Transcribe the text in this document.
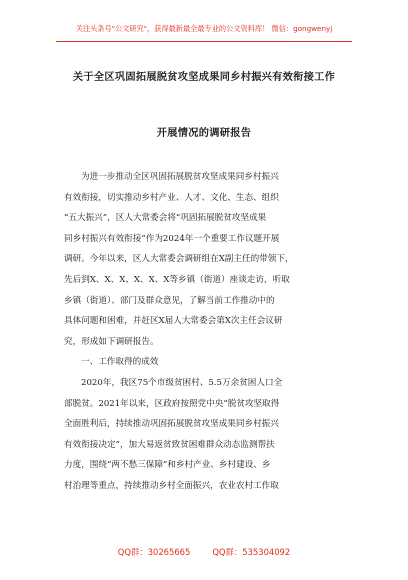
关注头条号"公文研究"，获得最新最全最专业的公文资料库！ 微信：gongwenyj
关于全区巩固拓展脱贫攻坚成果同乡村振兴有效衔接工作
开展情况的调研报告
为进一步推动全区巩固拓展脱贫攻坚成果同乡村振兴
有效衔接，切实推动乡村产业、人才、文化、生态、组织
“五大振兴”，区人大常委会将“巩固拓展脱贫攻坚成果
同乡村振兴有效衔接”作为2024年一个重要工作议题开展
调研。今年以来，区人大常委会调研组在X副主任的带领下，
先后到X、X、X、X、X、X等乡镇（街道）座谈走访，听取
乡镇（街道）、部门及群众意见，了解当前工作推动中的
具体问题和困难，并赶区X届人大常委会第X次主任会议研
究，形成如下调研报告。
一、工作取得的成效
2020年，我区75个市级贫困村、5.5万余贫困人口全
部脱贫。2021年以来，区政府按照党中央“脱贫攻坚取得
全面胜利后，持续推动巩固拓展脱贫攻坚成果同乡村振兴
有效衔接决定”，加大易返贫致贫困难群众动态监测帮扶
力度，围绕“两不愁三保障”和乡村产业、乡村建设、乡
村治理等重点，持续推动乡村全面振兴，农业农村工作取
QQ群：30265665	QQ群：535304092
